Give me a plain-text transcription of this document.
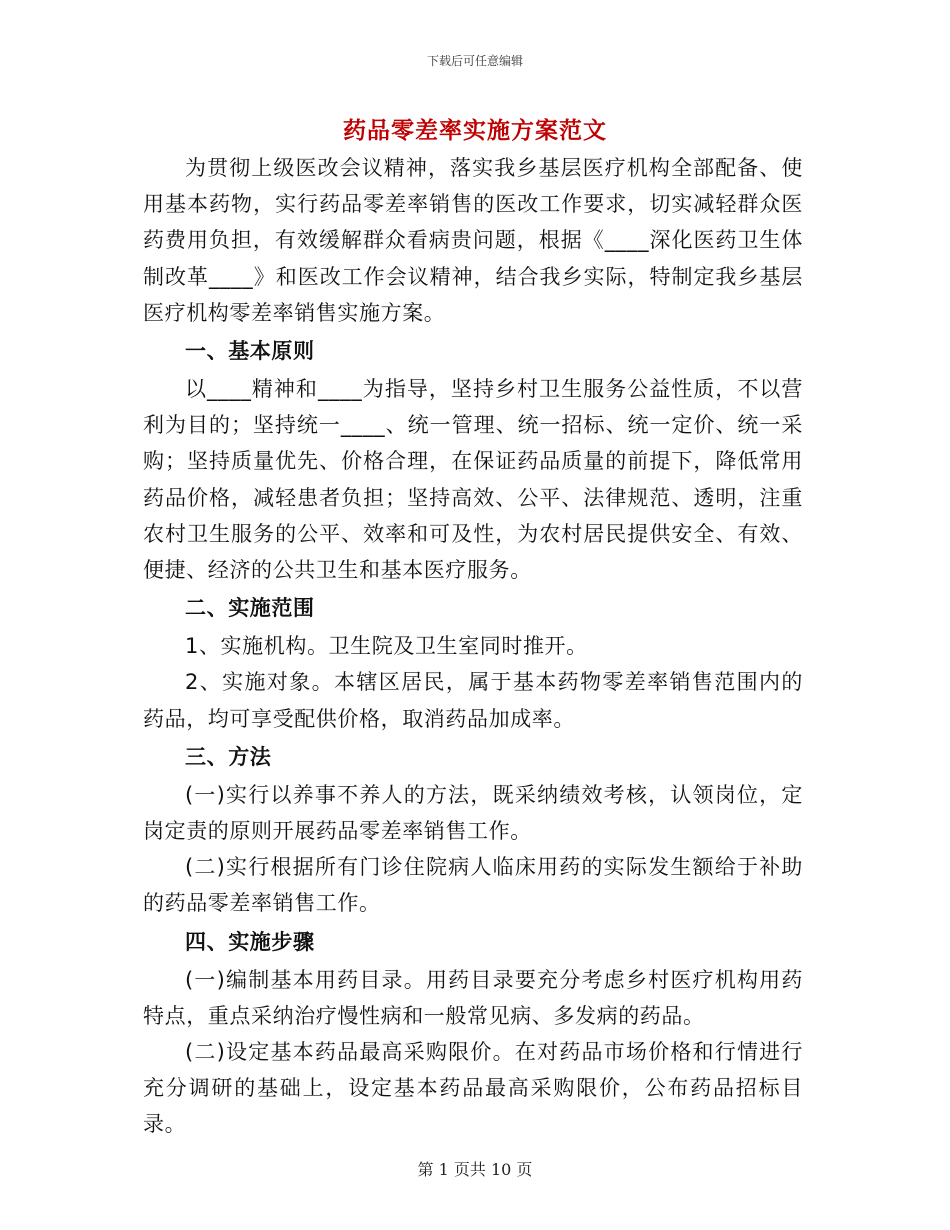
下载后可任意编辑
药品零差率实施方案范文

为贯彻上级医改会议精神，落实我乡基层医疗机构全部配备、使用基本药物，实行药品零差率销售的医改工作要求，切实减轻群众医药费用负担，有效缓解群众看病贵问题，根据《____深化医药卫生体制改革____》和医改工作会议精神，结合我乡实际，特制定我乡基层医疗机构零差率销售实施方案。

一、基本原则

以____精神和____为指导，坚持乡村卫生服务公益性质，不以营利为目的；坚持统一____、统一管理、统一招标、统一定价、统一采购；坚持质量优先、价格合理，在保证药品质量的前提下，降低常用药品价格，减轻患者负担；坚持高效、公平、法律规范、透明，注重农村卫生服务的公平、效率和可及性，为农村居民提供安全、有效、便捷、经济的公共卫生和基本医疗服务。

二、实施范围

1、实施机构。卫生院及卫生室同时推开。

2、实施对象。本辖区居民，属于基本药物零差率销售范围内的药品，均可享受配供价格，取消药品加成率。

三、方法

(一)实行以养事不养人的方法，既采纳绩效考核，认领岗位，定岗定责的原则开展药品零差率销售工作。

(二)实行根据所有门诊住院病人临床用药的实际发生额给于补助的药品零差率销售工作。

四、实施步骤

(一)编制基本用药目录。用药目录要充分考虑乡村医疗机构用药特点，重点采纳治疗慢性病和一般常见病、多发病的药品。

(二)设定基本药品最高采购限价。在对药品市场价格和行情进行充分调研的基础上，设定基本药品最高采购限价，公布药品招标目录。

第 1 页共 10 页
